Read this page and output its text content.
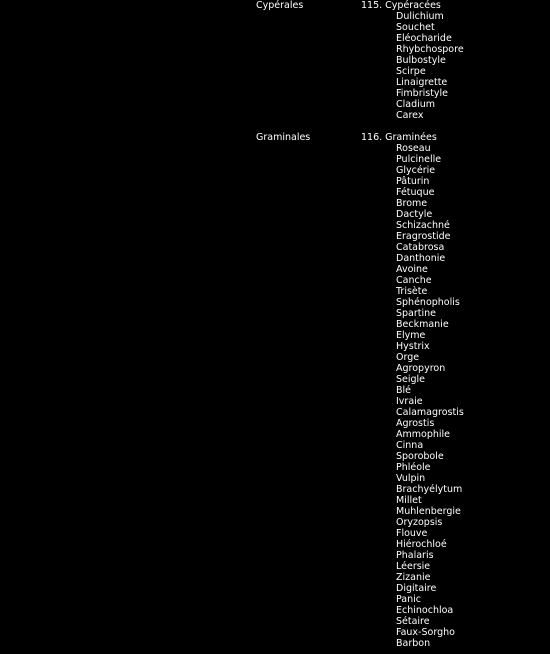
Cypérales	115. Cypéracées
Dulichium
Souchet
Eléocharide
Rhybchospore
Bulbostyle
Scirpe
Linaigrette
Fimbristyle
Cladium
Carex
Graminales	116. Graminées
Roseau
Pulcinelle
Glycérie
Pâturin
Fétuque
Brome
Dactyle
Schizachné
Eragrostide
Catabrosa
Danthonie
Avoine
Canche
Trisète
Sphénopholis
Spartine
Beckmanie
Elyme
Hystrix
Orge
Agropyron
Seigle
Blé
Ivraie
Calamagrostis
Agrostis
Ammophile
Cinna
Sporobole
Phléole
Vulpin
Brachyélytum
Millet
Muhlenbergie
Oryzopsis
Flouve
Hiérochloé
Phalaris
Léersie
Zizanie
Digitaire
Panic
Echinochloa
Sétaire
Faux-Sorgho
Barbon
